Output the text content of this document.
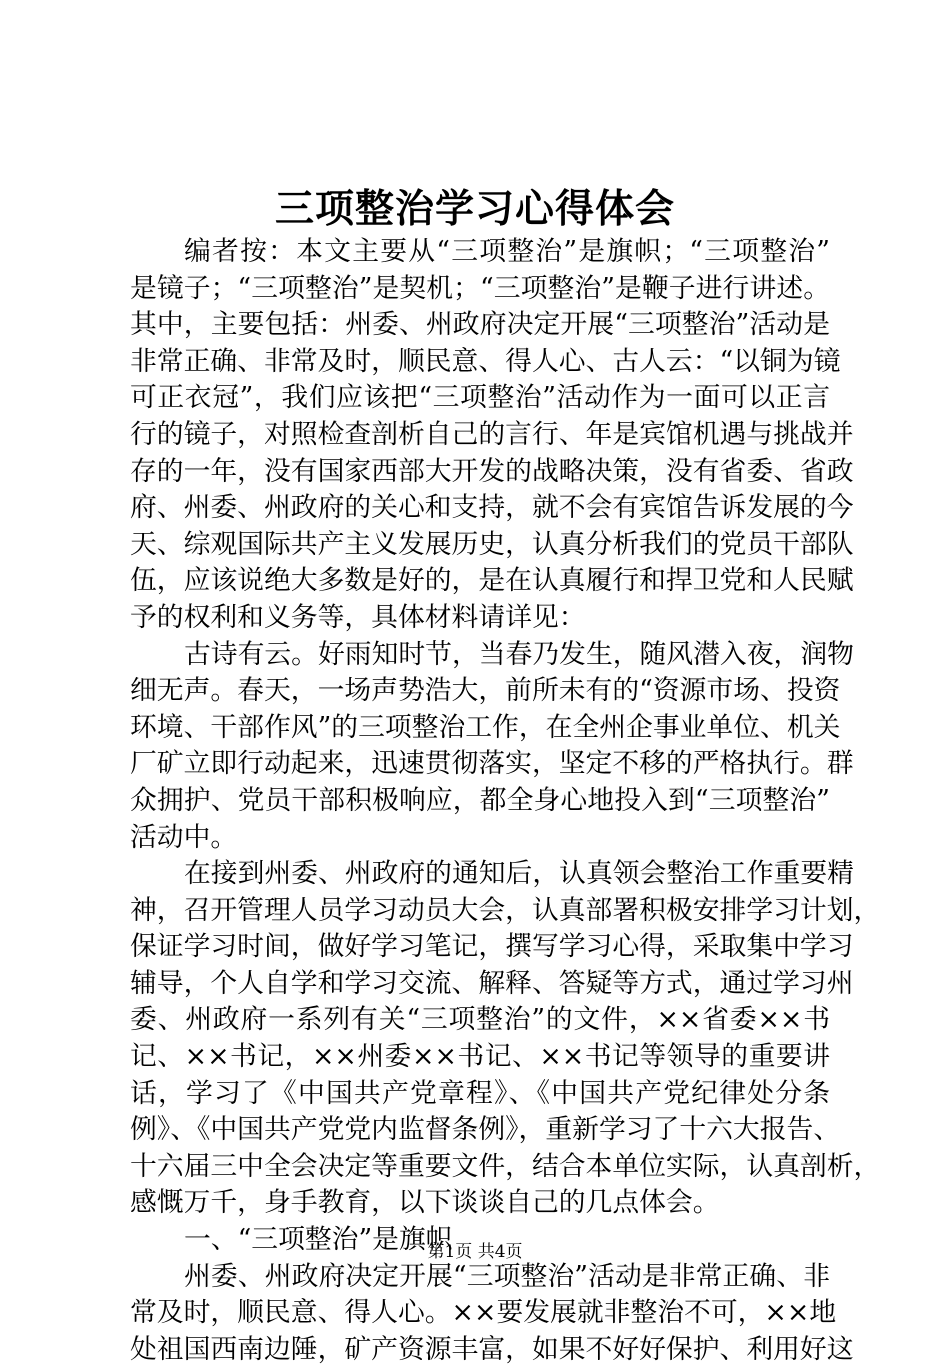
三项整治学习心得体会
编者按：本文主要从“三项整治”是旗帜；“三项整治”
是镜子；“三项整治”是契机；“三项整治”是鞭子进行讲述。
其中，主要包括：州委、州政府决定开展“三项整治”活动是
非常正确、非常及时，顺民意、得人心、古人云：“以铜为镜
可正衣冠”，我们应该把“三项整治”活动作为一面可以正言
行的镜子，对照检查剖析自己的言行、年是宾馆机遇与挑战并
存的一年，没有国家西部大开发的战略决策，没有省委、省政
府、州委、州政府的关心和支持，就不会有宾馆告诉发展的今
天、综观国际共产主义发展历史，认真分析我们的党员干部队
伍，应该说绝大多数是好的，是在认真履行和捍卫党和人民赋
予的权利和义务等，具体材料请详见：
古诗有云。好雨知时节，当春乃发生，随风潜入夜，润物
细无声。春天，一场声势浩大，前所未有的“资源市场、投资
环境、干部作风”的三项整治工作，在全州企事业单位、机关
厂矿立即行动起来，迅速贯彻落实，坚定不移的严格执行。群
众拥护、党员干部积极响应，都全身心地投入到“三项整治”
活动中。
在接到州委、州政府的通知后，认真领会整治工作重要精
神，召开管理人员学习动员大会，认真部署积极安排学习计划，
保证学习时间，做好学习笔记，撰写学习心得，采取集中学习
辅导，个人自学和学习交流、解释、答疑等方式，通过学习州
委、州政府一系列有关“三项整治”的文件，××省委××书
记、××书记，××州委××书记、××书记等领导的重要讲
话，学习了《中国共产党章程》、《中国共产党纪律处分条
例》、《中国共产党党内监督条例》，重新学习了十六大报告、
十六届三中全会决定等重要文件，结合本单位实际，认真剖析，
感慨万千，身手教育，以下谈谈自己的几点体会。
一、“三项整治”是旗帜
州委、州政府决定开展“三项整治”活动是非常正确、非
常及时，顺民意、得人心。××要发展就非整治不可，××地
处祖国西南边陲，矿产资源丰富，如果不好好保护、利用好这
第1页 共4页
